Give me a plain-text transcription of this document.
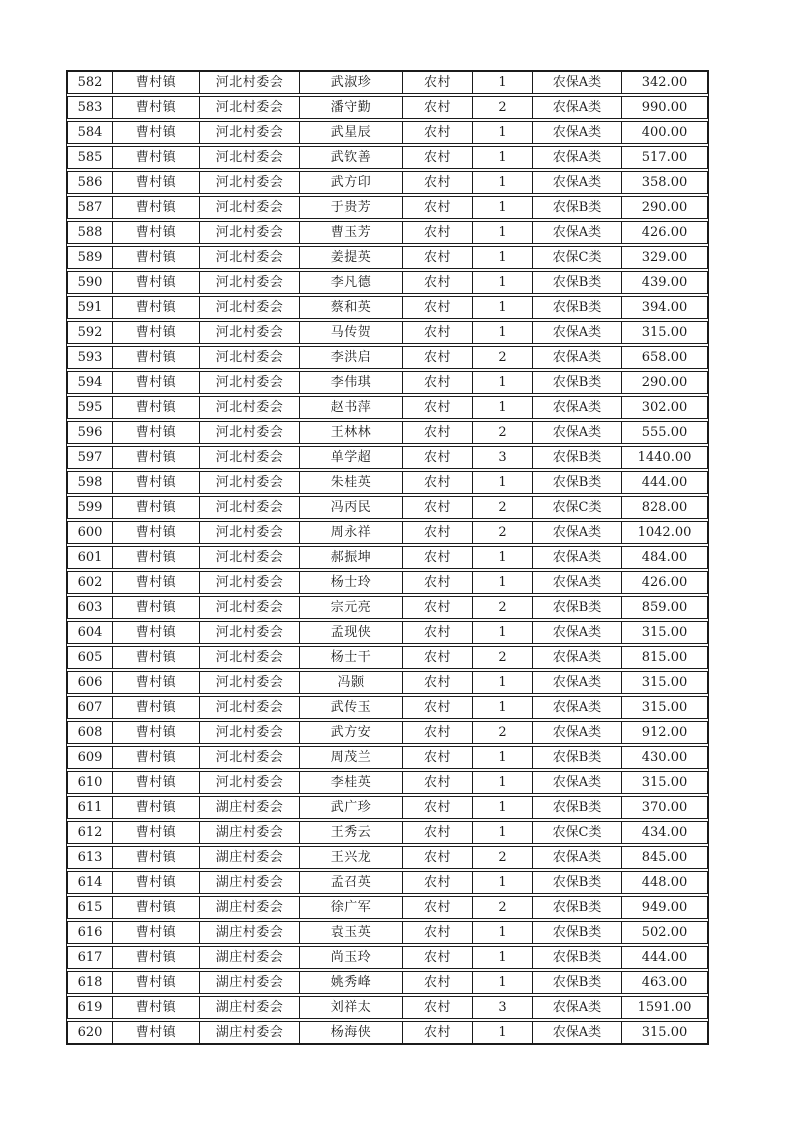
582	曹村镇	河北村委会	武淑珍	农村	1	农保A类	342.00
583	曹村镇	河北村委会	潘守勤	农村	2	农保A类	990.00
584	曹村镇	河北村委会	武星辰	农村	1	农保A类	400.00
585	曹村镇	河北村委会	武钦善	农村	1	农保A类	517.00
586	曹村镇	河北村委会	武方印	农村	1	农保A类	358.00
587	曹村镇	河北村委会	于贵芳	农村	1	农保B类	290.00
588	曹村镇	河北村委会	曹玉芳	农村	1	农保A类	426.00
589	曹村镇	河北村委会	姜提英	农村	1	农保C类	329.00
590	曹村镇	河北村委会	李凡德	农村	1	农保B类	439.00
591	曹村镇	河北村委会	蔡和英	农村	1	农保B类	394.00
592	曹村镇	河北村委会	马传贺	农村	1	农保A类	315.00
593	曹村镇	河北村委会	李洪启	农村	2	农保A类	658.00
594	曹村镇	河北村委会	李伟琪	农村	1	农保B类	290.00
595	曹村镇	河北村委会	赵书萍	农村	1	农保A类	302.00
596	曹村镇	河北村委会	王林林	农村	2	农保A类	555.00
597	曹村镇	河北村委会	单学超	农村	3	农保B类	1440.00
598	曹村镇	河北村委会	朱桂英	农村	1	农保B类	444.00
599	曹村镇	河北村委会	冯丙民	农村	2	农保C类	828.00
600	曹村镇	河北村委会	周永祥	农村	2	农保A类	1042.00
601	曹村镇	河北村委会	郝振坤	农村	1	农保A类	484.00
602	曹村镇	河北村委会	杨士玲	农村	1	农保A类	426.00
603	曹村镇	河北村委会	宗元亮	农村	2	农保B类	859.00
604	曹村镇	河北村委会	孟现侠	农村	1	农保A类	315.00
605	曹村镇	河北村委会	杨士干	农村	2	农保A类	815.00
606	曹村镇	河北村委会	冯颢	农村	1	农保A类	315.00
607	曹村镇	河北村委会	武传玉	农村	1	农保A类	315.00
608	曹村镇	河北村委会	武方安	农村	2	农保A类	912.00
609	曹村镇	河北村委会	周茂兰	农村	1	农保B类	430.00
610	曹村镇	河北村委会	李桂英	农村	1	农保A类	315.00
611	曹村镇	湖庄村委会	武广珍	农村	1	农保B类	370.00
612	曹村镇	湖庄村委会	王秀云	农村	1	农保C类	434.00
613	曹村镇	湖庄村委会	王兴龙	农村	2	农保A类	845.00
614	曹村镇	湖庄村委会	孟召英	农村	1	农保B类	448.00
615	曹村镇	湖庄村委会	徐广军	农村	2	农保B类	949.00
616	曹村镇	湖庄村委会	袁玉英	农村	1	农保B类	502.00
617	曹村镇	湖庄村委会	尚玉玲	农村	1	农保B类	444.00
618	曹村镇	湖庄村委会	姚秀峰	农村	1	农保B类	463.00
619	曹村镇	湖庄村委会	刘祥太	农村	3	农保A类	1591.00
620	曹村镇	湖庄村委会	杨海侠	农村	1	农保A类	315.00
